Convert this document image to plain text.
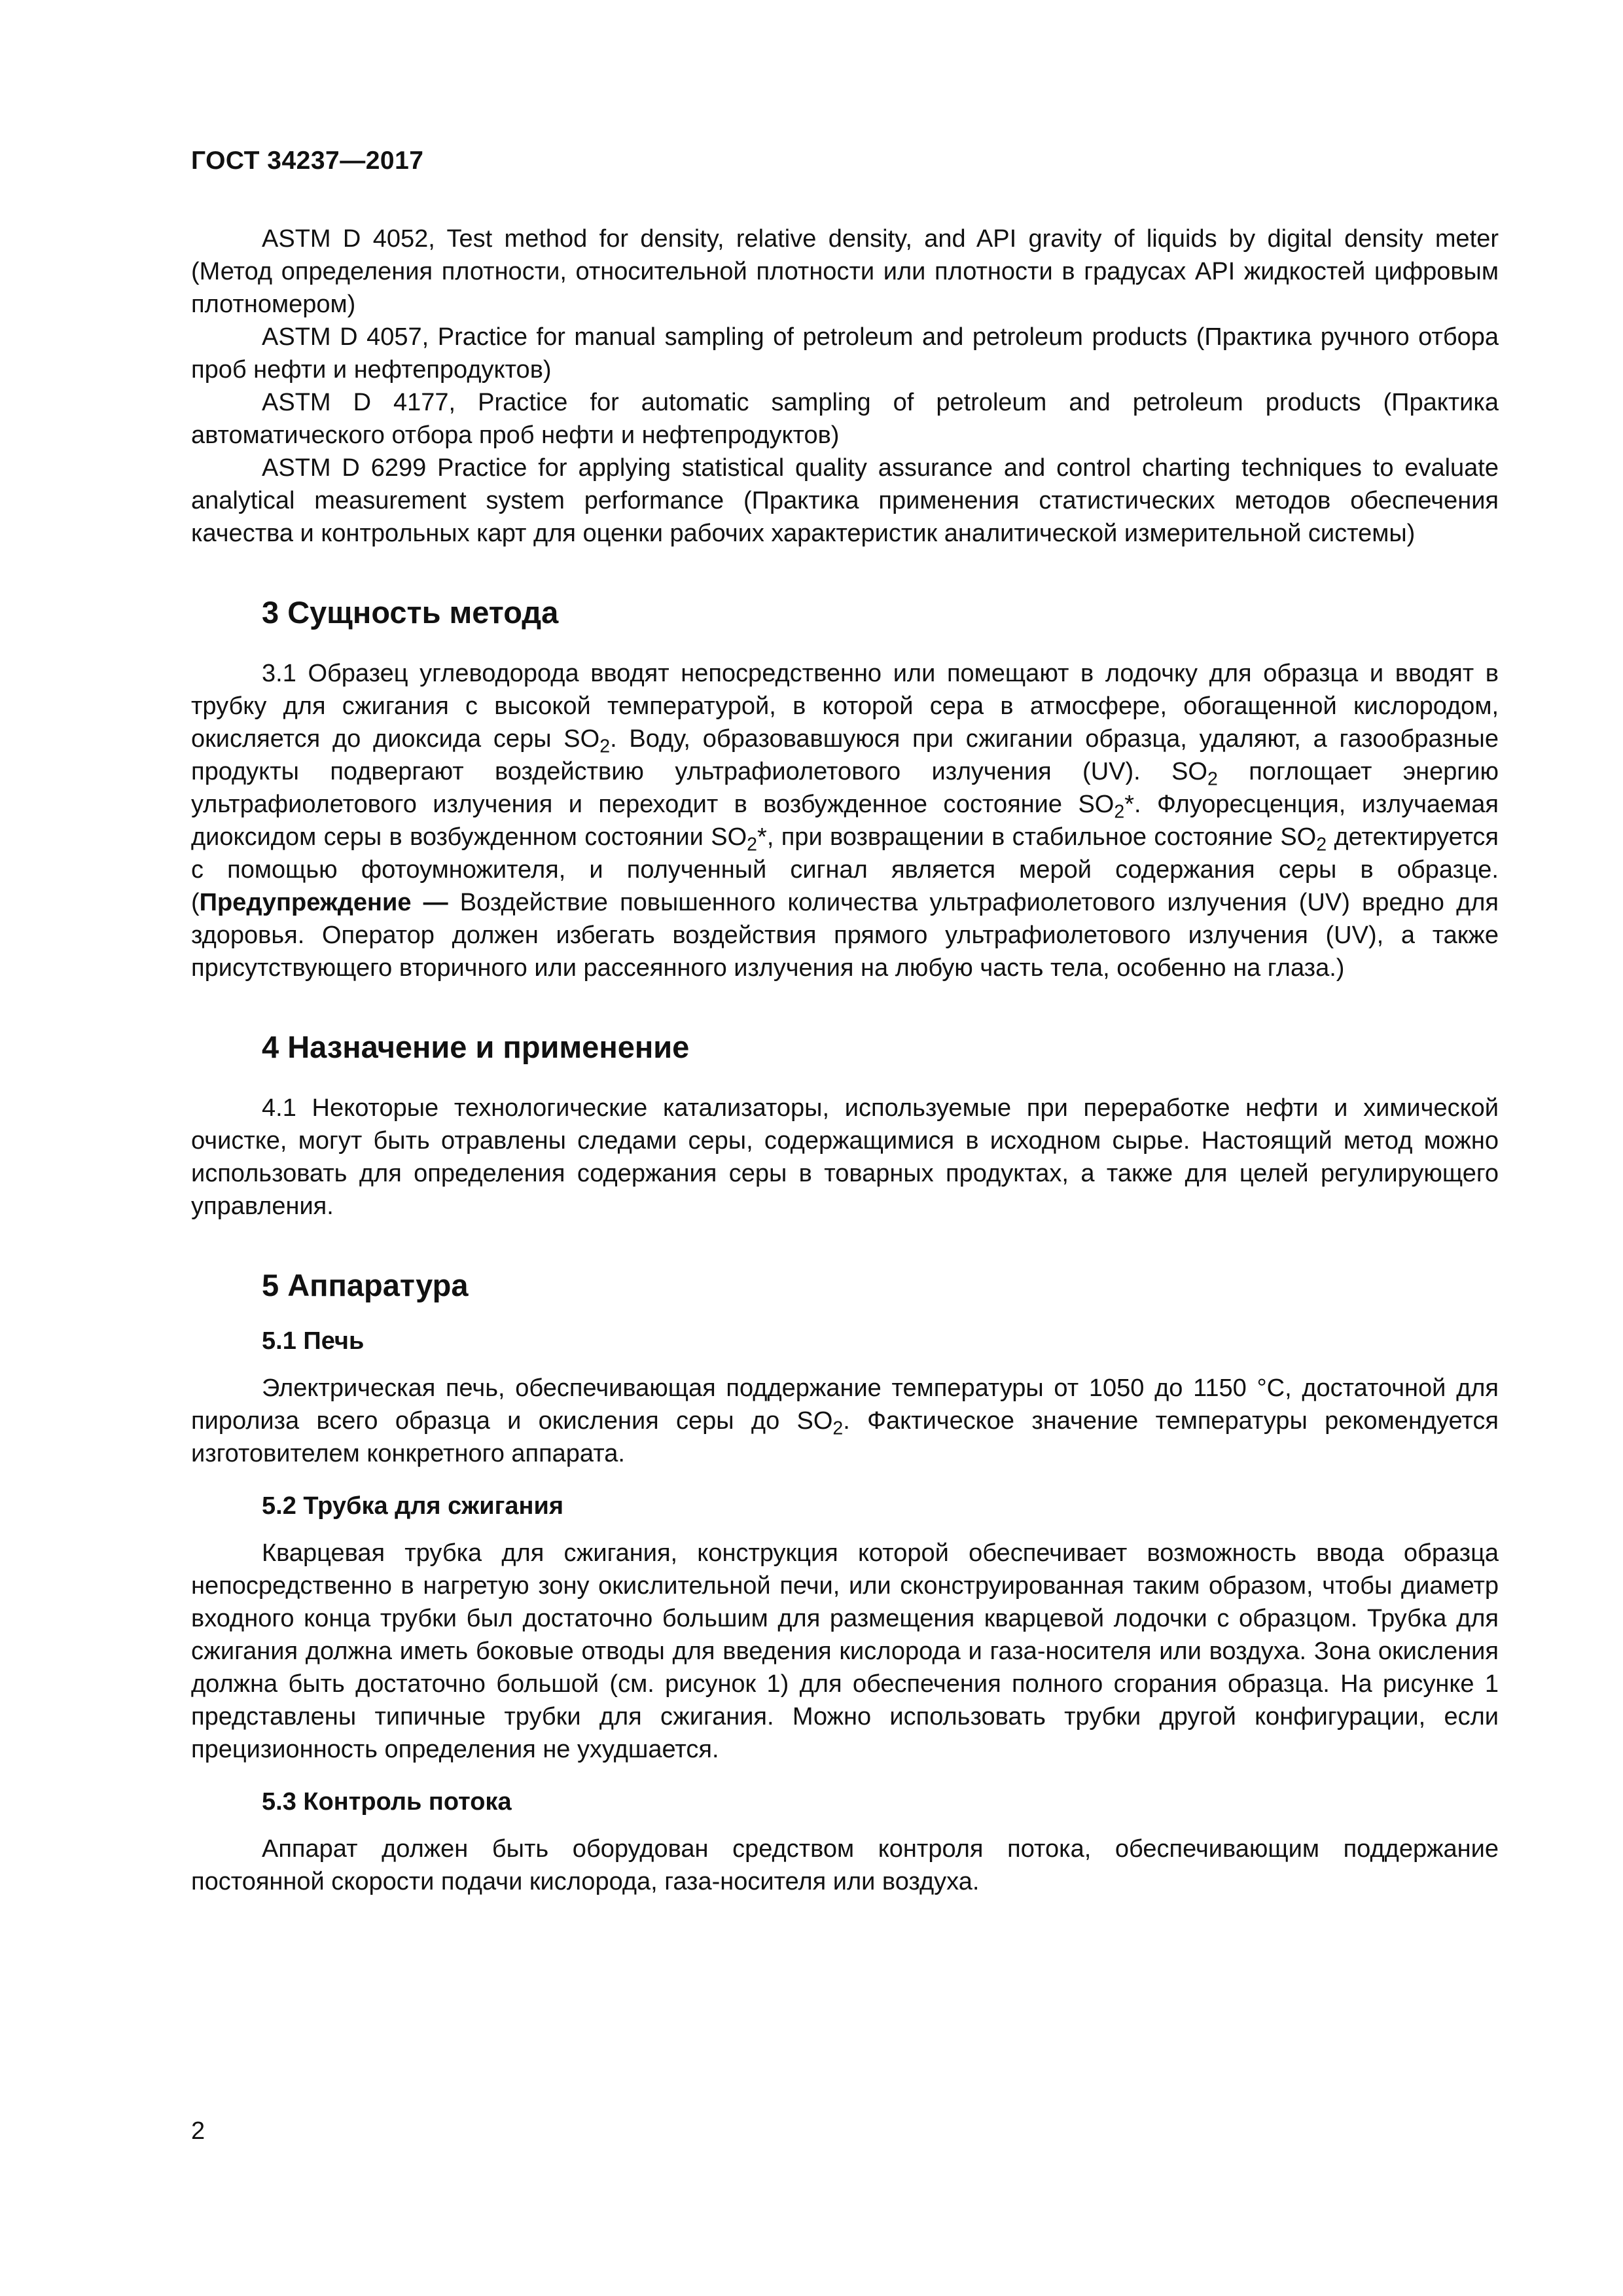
ГОСТ 34237—2017

ASTM D 4052, Test method for density, relative density, and API gravity of liquids by digital density meter (Метод определения плотности, относительной плотности или плотности в градусах API жидкостей цифровым плотномером)

ASTM D 4057, Practice for manual sampling of petroleum and petroleum products (Практика ручного отбора проб нефти и нефтепродуктов)

ASTM D 4177, Practice for automatic sampling of petroleum and petroleum products (Практика автоматического отбора проб нефти и нефтепродуктов)

ASTM D 6299 Practice for applying statistical quality assurance and control charting techniques to evaluate analytical measurement system performance (Практика применения статистических методов обеспечения качества и контрольных карт для оценки рабочих характеристик аналитической измерительной системы)

3 Сущность метода

3.1 Образец углеводорода вводят непосредственно или помещают в лодочку для образца и вводят в трубку для сжигания с высокой температурой, в которой сера в атмосфере, обогащенной кислородом, окисляется до диоксида серы $SO_2$. Воду, образовавшуюся при сжигании образца, удаляют, а газообразные продукты подвергают воздействию ультрафиолетового излучения (UV). $SO_2$ поглощает энергию ультрафиолетового излучения и переходит в возбужденное состояние $SO_2*$. Флуоресценция, излучаемая диоксидом серы в возбужденном состоянии $SO_2*$, при возвращении в стабильное состояние $SO_2$ детектируется с помощью фотоумножителя, и полученный сигнал является мерой содержания серы в образце. (Предупреждение — Воздействие повышенного количества ультрафиолетового излучения (UV) вредно для здоровья. Оператор должен избегать воздействия прямого ультрафиолетового излучения (UV), а также присутствующего вторичного или рассеянного излучения на любую часть тела, особенно на глаза.)

4 Назначение и применение

4.1 Некоторые технологические катализаторы, используемые при переработке нефти и химической очистке, могут быть отравлены следами серы, содержащимися в исходном сырье. Настоящий метод можно использовать для определения содержания серы в товарных продуктах, а также для целей регулирующего управления.

5 Аппаратура
5.1 Печь

Электрическая печь, обеспечивающая поддержание температуры от 1050 до 1150 °C, достаточной для пиролиза всего образца и окисления серы до $SO_2$. Фактическое значение температуры рекомендуется изготовителем конкретного аппарата.

5.2 Трубка для сжигания

Кварцевая трубка для сжигания, конструкция которой обеспечивает возможность ввода образца непосредственно в нагретую зону окислительной печи, или сконструированная таким образом, чтобы диаметр входного конца трубки был достаточно большим для размещения кварцевой лодочки с образцом. Трубка для сжигания должна иметь боковые отводы для введения кислорода и газа-носителя или воздуха. Зона окисления должна быть достаточно большой (см. рисунок 1) для обеспечения полного сгорания образца. На рисунке 1 представлены типичные трубки для сжигания. Можно использовать трубки другой конфигурации, если прецизионность определения не ухудшается.

5.3 Контроль потока

Аппарат должен быть оборудован средством контроля потока, обеспечивающим поддержание постоянной скорости подачи кислорода, газа-носителя или воздуха.

2
